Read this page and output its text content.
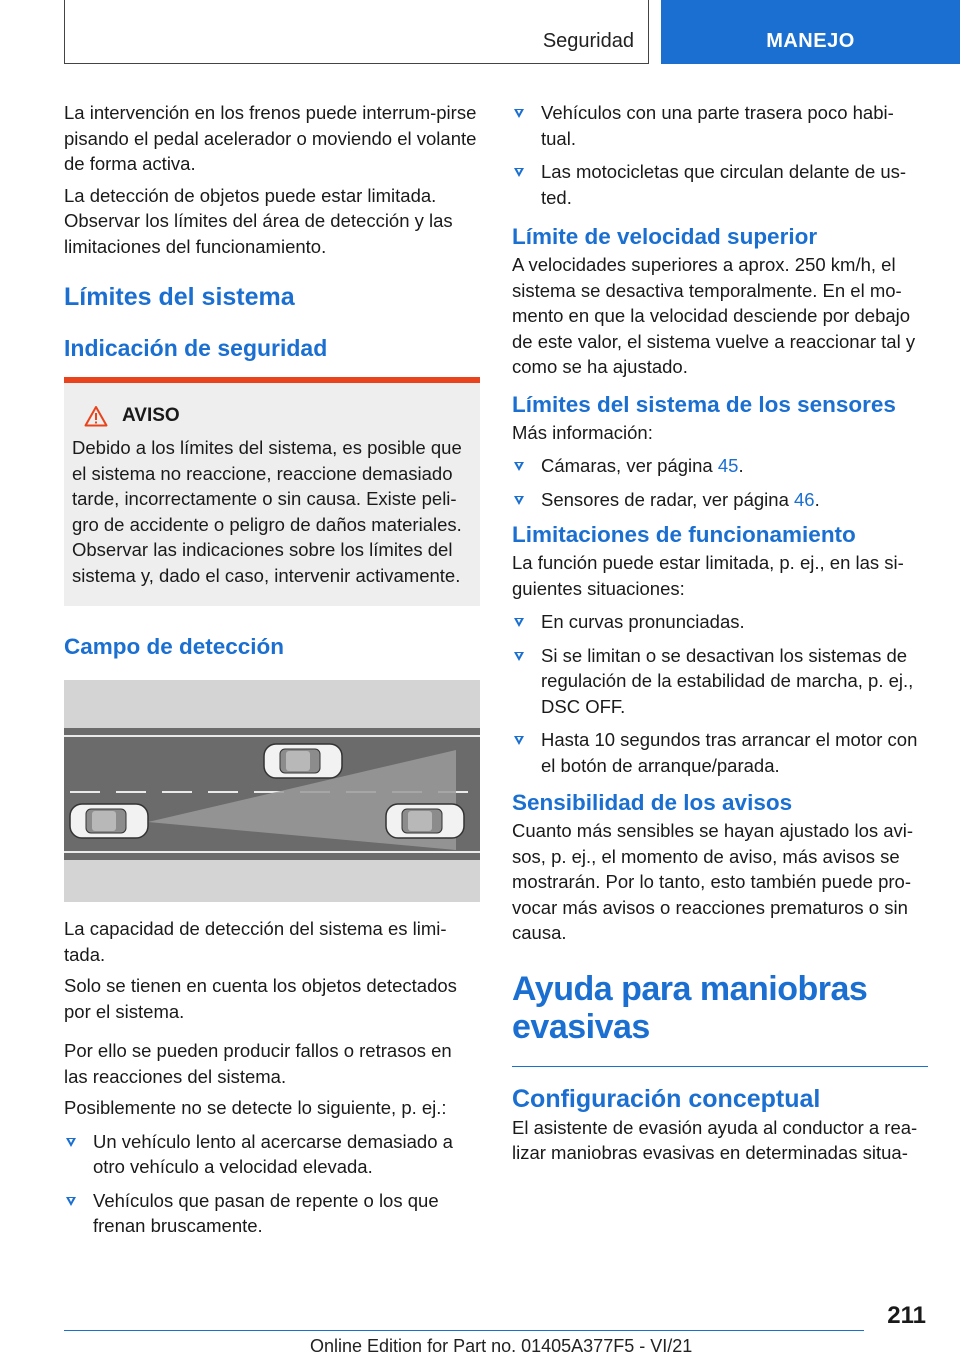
Seguridad	MANEJO

La intervención en los frenos puede interrum-pirse pisando el pedal acelerador o moviendo el volante de forma activa.

La detección de objetos puede estar limitada. Observar los límites del área de detección y las limitaciones del funcionamiento.

Límites del sistema
Indicación de seguridad
AVISO

Debido a los límites del sistema, es posible que el sistema no reaccione, reaccione demasiado tarde, incorrectamente o sin causa. Existe peli-gro de accidente o peligro de daños materiales. Observar las indicaciones sobre los límites del sistema y, dado el caso, intervenir activamente.

Campo de detección

La capacidad de detección del sistema es limi-tada.

Solo se tienen en cuenta los objetos detectados por el sistema.

Por ello se pueden producir fallos o retrasos en las reacciones del sistema.

Posiblemente no se detecte lo siguiente, p. ej.:

Un vehículo lento al acercarse demasiado a otro vehículo a velocidad elevada.
Vehículos que pasan de repente o los que frenan bruscamente.
Vehículos con una parte trasera poco habi-tual.
Las motocicletas que circulan delante de us-ted.
Límite de velocidad superior

A velocidades superiores a aprox. 250 km/h, el sistema se desactiva temporalmente. En el mo-mento en que la velocidad desciende por debajo de este valor, el sistema vuelve a reaccionar tal y como se ha ajustado.

Límites del sistema de los sensores

Más información:

Cámaras, ver página 45.
Sensores de radar, ver página 46.
Limitaciones de funcionamiento

La función puede estar limitada, p. ej., en las si-guientes situaciones:

En curvas pronunciadas.
Si se limitan o se desactivan los sistemas de regulación de la estabilidad de marcha, p. ej., DSC OFF.
Hasta 10 segundos tras arrancar el motor con el botón de arranque/parada.
Sensibilidad de los avisos

Cuanto más sensibles se hayan ajustado los avi-sos, p. ej., el momento de aviso, más avisos se mostrarán. Por lo tanto, esto también puede pro-vocar más avisos o reacciones prematuros o sin causa.

Ayuda para maniobras evasivas
Configuración conceptual

El asistente de evasión ayuda al conductor a rea-lizar maniobras evasivas en determinadas situa-

211
Online Edition for Part no. 01405A377F5 - VI/21
